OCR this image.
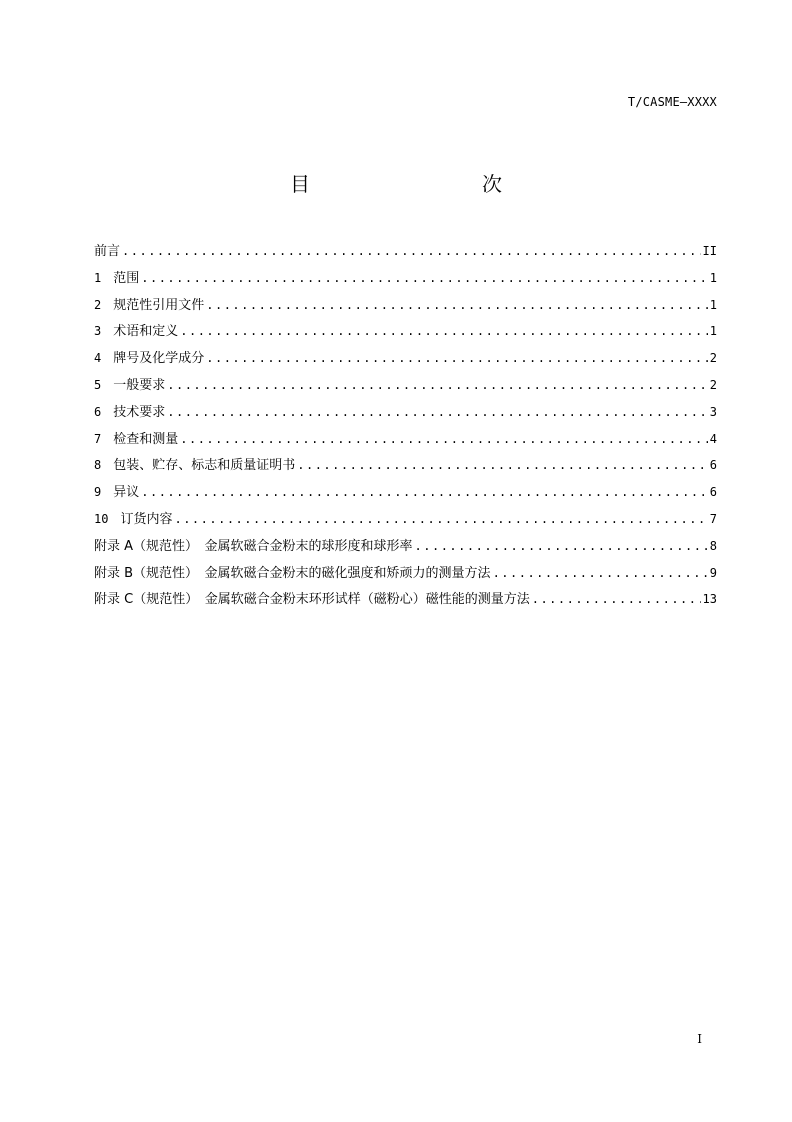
T/CASME—XXXX
目　　次
前言 .....	II
1 范围 .....	1
2 规范性引用文件 .....	1
3 术语和定义 .....	1
4 牌号及化学成分 .....	2
5 一般要求 .....	2
6 技术要求 .....	3
7 检查和测量 .....	4
8 包装、贮存、标志和质量证明书 .....	6
9 异议 .....	6
10 订货内容 .....	7
附录 A（规范性）　金属软磁合金粉末的球形度和球形率 .....	8
附录 B（规范性）　金属软磁合金粉末的磁化强度和矫顽力的测量方法 .....	9
附录 C（规范性）　金属软磁合金粉末环形试样（磁粉心）磁性能的测量方法 .....	13
I
